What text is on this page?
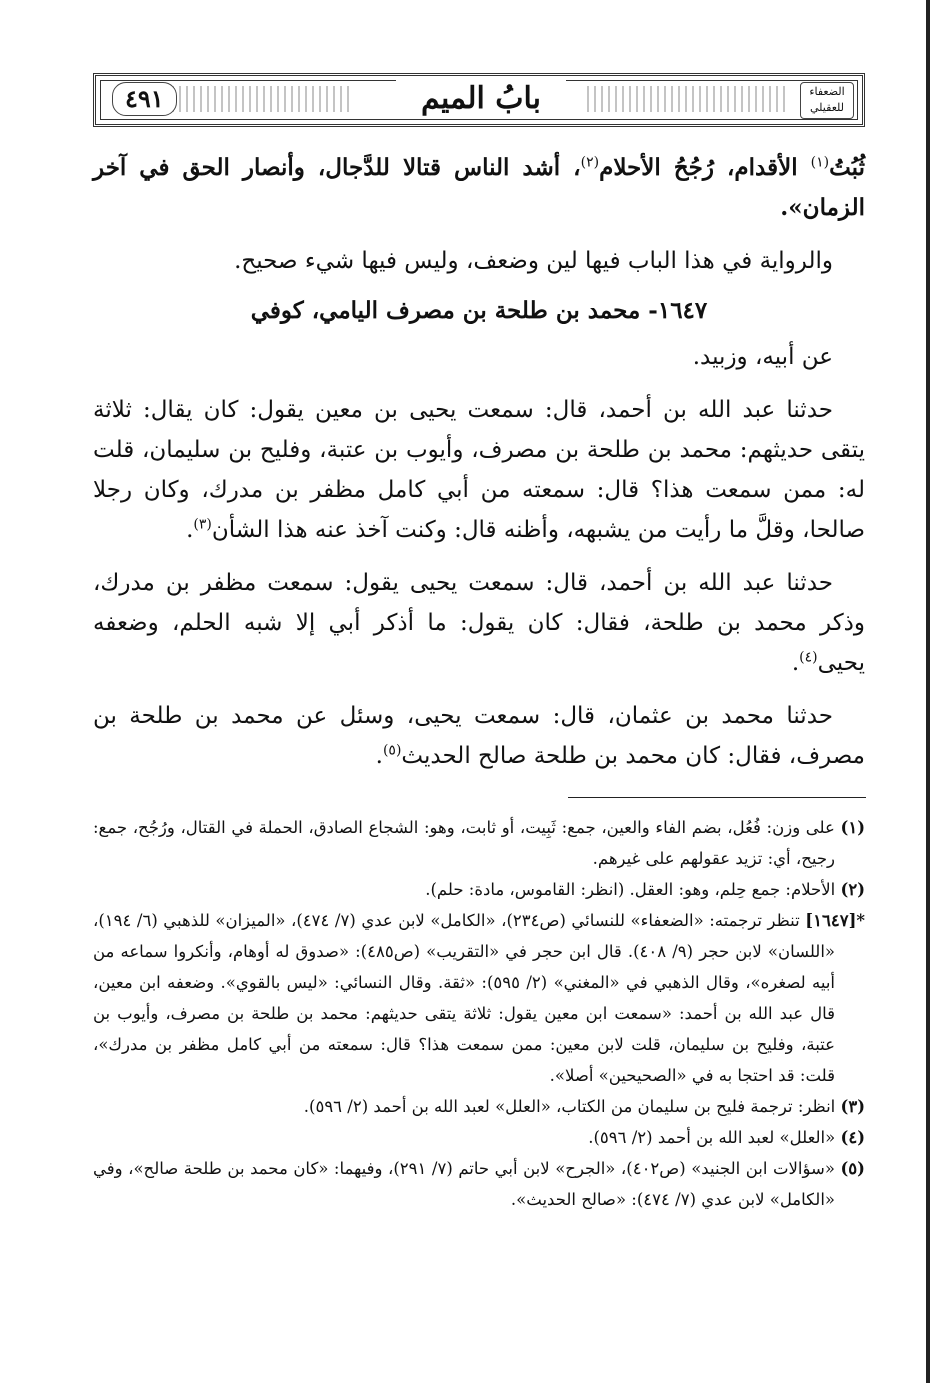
٤٩١	بابُ الميم	الضعفاء للعقيلي

ثُبُتُ$^{(١)}$ الأقدام، رُجُحُ الأحلام$^{(٢)}$، أشد الناس قتالا للدَّجال، وأنصار الحق في آخر الزمان».

والرواية في هذا الباب فيها لين وضعف، وليس فيها شيء صحيح.

١٦٤٧- محمد بن طلحة بن مصرف اليامي، كوفي

عن أبيه، وزبيد.

حدثنا عبد الله بن أحمد، قال: سمعت يحيى بن معين يقول: كان يقال: ثلاثة يتقى حديثهم: محمد بن طلحة بن مصرف، وأيوب بن عتبة، وفليح بن سليمان، قلت له: ممن سمعت هذا؟ قال: سمعته من أبي كامل مظفر بن مدرك، وكان رجلا صالحا، وقلَّ ما رأيت من يشبهه، وأظنه قال: وكنت آخذ عنه هذا الشأن$^{(٣)}$.

حدثنا عبد الله بن أحمد، قال: سمعت يحيى يقول: سمعت مظفر بن مدرك، وذكر محمد بن طلحة، فقال: كان يقول: ما أذكر أبي إلا شبه الحلم، وضعفه يحيى$^{(٤)}$.

حدثنا محمد بن عثمان، قال: سمعت يحيى، وسئل عن محمد بن طلحة بن مصرف، فقال: كان محمد بن طلحة صالح الحديث$^{(٥)}$.

(١) على وزن: فُعُل، بضم الفاء والعين، جمع: ثَبِيت، أو ثابت، وهو: الشجاع الصادق، الحملة في القتال، ورُجُح، جمع: رجيح، أي: تزيد عقولهم على غيرهم.

(٢) الأحلام: جمع حِلم، وهو: العقل. (انظر: القاموس، مادة: حلم).

*[١٦٤٧] تنظر ترجمته: «الضعفاء» للنسائي (ص٢٣٤)، «الكامل» لابن عدي (٧/ ٤٧٤)، «الميزان» للذهبي (٦/ ١٩٤)، «اللسان» لابن حجر (٩/ ٤٠٨). قال ابن حجر في «التقريب» (ص٤٨٥): «صدوق له أوهام، وأنكروا سماعه من أبيه لصغره»، وقال الذهبي في «المغني» (٢/ ٥٩٥): «ثقة. وقال النسائي: «ليس بالقوي». وضعفه ابن معين، قال عبد الله بن أحمد: «سمعت ابن معين يقول: ثلاثة يتقى حديثهم: محمد بن طلحة بن مصرف، وأيوب بن عتبة، وفليح بن سليمان، قلت لابن معين: ممن سمعت هذا؟ قال: سمعته من أبي كامل مظفر بن مدرك»، قلت: قد احتجا به في «الصحيحين» أصلا».

(٣) انظر: ترجمة فليح بن سليمان من الكتاب، «العلل» لعبد الله بن أحمد (٢/ ٥٩٦).

(٤) «العلل» لعبد الله بن أحمد (٢/ ٥٩٦).

(٥) «سؤالات ابن الجنيد» (ص٤٠٢)، «الجرح» لابن أبي حاتم (٧/ ٢٩١)، وفيهما: «كان محمد بن طلحة صالح»، وفي «الكامل» لابن عدي (٧/ ٤٧٤): «صالح الحديث».
